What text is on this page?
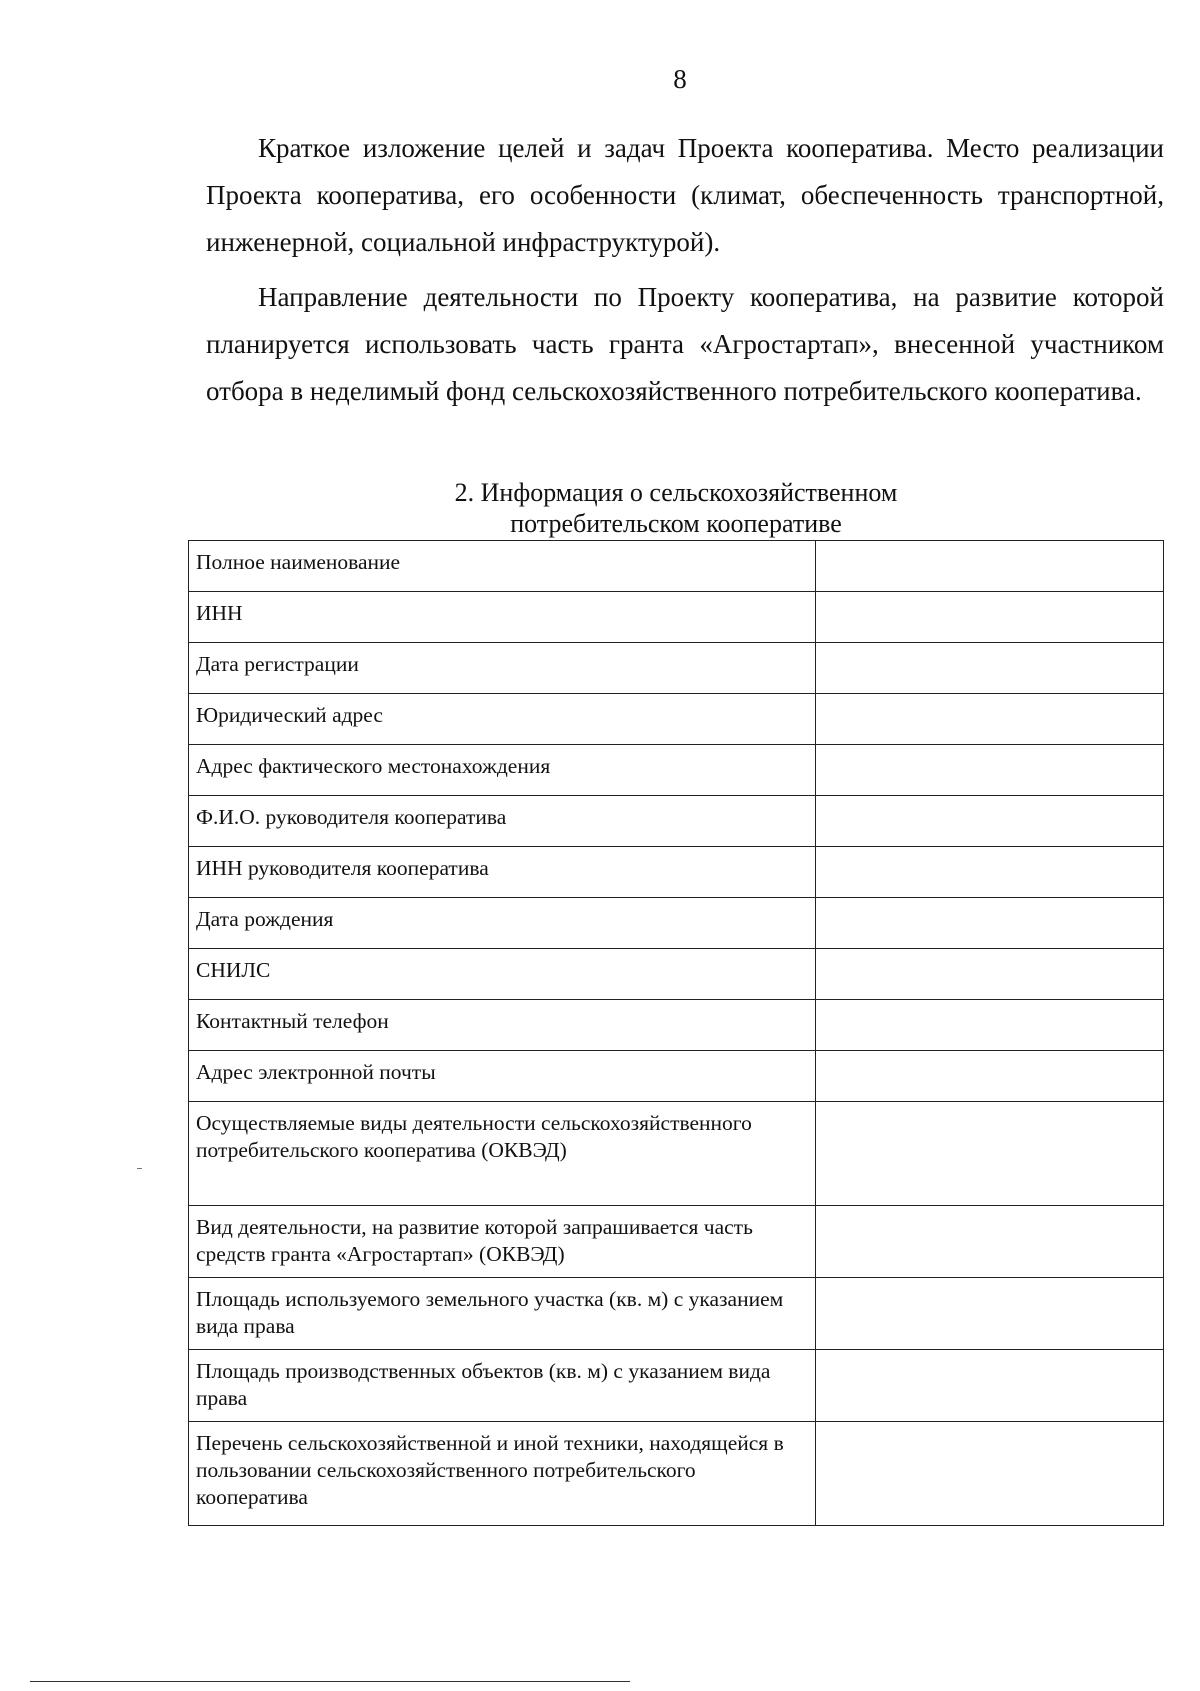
8

Краткое изложение целей и задач Проекта кооператива. Место реализации Проекта кооператива, его особенности (климат, обеспеченность транспортной, инженерной, социальной инфраструктурой).

Направление деятельности по Проекту кооператива, на развитие которой планируется использовать часть гранта «Агростартап», внесенной участником отбора в неделимый фонд сельскохозяйственного потребительского кооператива.

2. Информация о сельскохозяйственном
потребительском кооперативе
Полное наименование	
ИНН	
Дата регистрации	
Юридический адрес	
Адрес фактического местонахождения	
Ф.И.О. руководителя кооператива	
ИНН руководителя кооператива	
Дата рождения	
СНИЛС	
Контактный телефон	
Адрес электронной почты	
Осуществляемые виды деятельности сельскохозяйственного потребительского кооператива (ОКВЭД)	
Вид деятельности, на развитие которой запрашивается часть средств гранта «Агростартап» (ОКВЭД)	
Площадь используемого земельного участка (кв. м) с указанием вида права	
Площадь производственных объектов (кв. м) с указанием вида права	
Перечень сельскохозяйственной и иной техники, находящейся в пользовании сельскохозяйственного потребительского кооператива	
